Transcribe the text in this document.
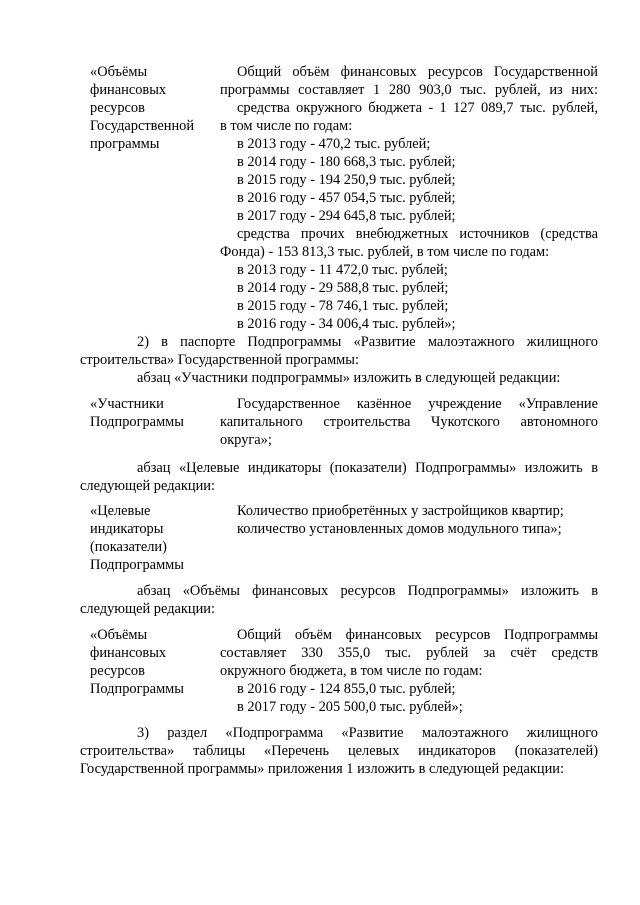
«Объёмы
финансовых
ресурсов
Государственной
программы
Общий объём финансовых ресурсов Государственной
программы составляет 1 280 903,0 тыс. рублей, из них:
средства окружного бюджета - 1 127 089,7 тыс. рублей,
в том числе по годам:
в 2013 году - 470,2 тыс. рублей;
в 2014 году - 180 668,3 тыс. рублей;
в 2015 году - 194 250,9 тыс. рублей;
в 2016 году - 457 054,5 тыс. рублей;
в 2017 году - 294 645,8 тыс. рублей;
средства прочих внебюджетных источников (средства
Фонда) - 153 813,3 тыс. рублей, в том числе по годам:
в 2013 году - 11 472,0 тыс. рублей;
в 2014 году - 29 588,8 тыс. рублей;
в 2015 году - 78 746,1 тыс. рублей;
в 2016 году - 34 006,4 тыс. рублей»;
2) в паспорте Подпрограммы «Развитие малоэтажного жилищного
строительства» Государственной программы:
абзац «Участники подпрограммы» изложить в следующей редакции:
«Участники
Подпрограммы
Государственное казённое учреждение «Управление
капитального строительства Чукотского автономного
округа»;
абзац «Целевые индикаторы (показатели) Подпрограммы» изложить в
следующей редакции:
«Целевые
индикаторы
(показатели)
Подпрограммы
Количество приобретённых у застройщиков квартир;
количество установленных домов модульного типа»;
абзац «Объёмы финансовых ресурсов Подпрограммы» изложить в
следующей редакции:
«Объёмы
финансовых
ресурсов
Подпрограммы
Общий объём финансовых ресурсов Подпрограммы
составляет 330 355,0 тыс. рублей за счёт средств
окружного бюджета, в том числе по годам:
в 2016 году - 124 855,0 тыс. рублей;
в 2017 году - 205 500,0 тыс. рублей»;
3) раздел «Подпрограмма «Развитие малоэтажного жилищного
строительства» таблицы «Перечень целевых индикаторов (показателей)
Государственной программы» приложения 1 изложить в следующей редакции:
